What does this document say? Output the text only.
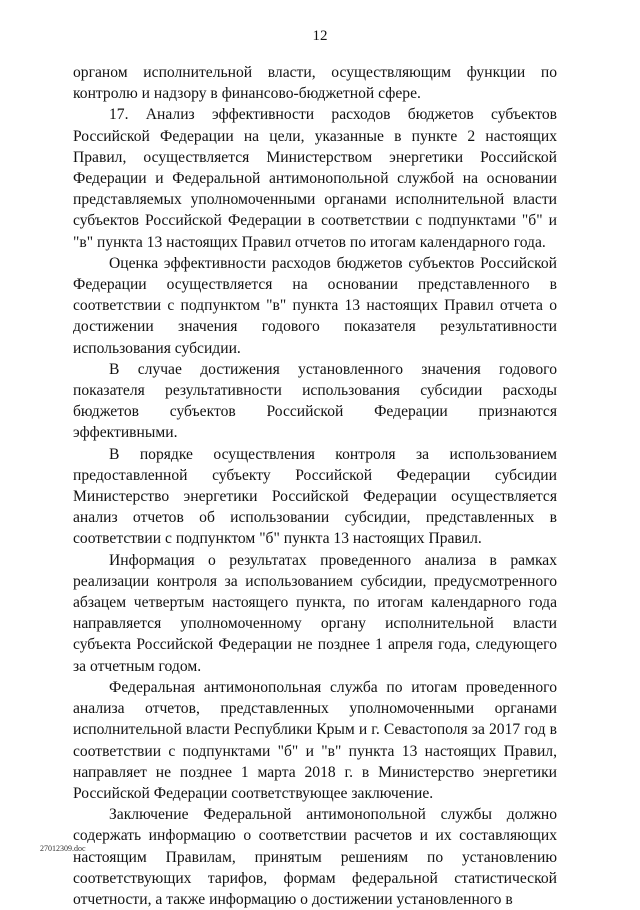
12

органом исполнительной власти, осуществляющим функции по контролю и надзору в финансово-бюджетной сфере.

17. Анализ эффективности расходов бюджетов субъектов Российской Федерации на цели, указанные в пункте 2 настоящих Правил, осуществляется Министерством энергетики Российской Федерации и Федеральной антимонопольной службой на основании представляемых уполномоченными органами исполнительной власти субъектов Российской Федерации в соответствии с подпунктами "б" и "в" пункта 13 настоящих Правил отчетов по итогам календарного года.

Оценка эффективности расходов бюджетов субъектов Российской Федерации осуществляется на основании представленного в соответствии с подпунктом "в" пункта 13 настоящих Правил отчета о достижении значения годового показателя результативности использования субсидии.

В случае достижения установленного значения годового показателя результативности использования субсидии расходы бюджетов субъектов Российской Федерации признаются эффективными.

В порядке осуществления контроля за использованием предоставленной субъекту Российской Федерации субсидии Министерство энергетики Российской Федерации осуществляется анализ отчетов об использовании субсидии, представленных в соответствии с подпунктом "б" пункта 13 настоящих Правил.

Информация о результатах проведенного анализа в рамках реализации контроля за использованием субсидии, предусмотренного абзацем четвертым настоящего пункта, по итогам календарного года направляется уполномоченному органу исполнительной власти субъекта Российской Федерации не позднее 1 апреля года, следующего за отчетным годом.

Федеральная антимонопольная служба по итогам проведенного анализа отчетов, представленных уполномоченными органами исполнительной власти Республики Крым и г. Севастополя за 2017 год в соответствии с подпунктами "б" и "в" пункта 13 настоящих Правил, направляет не позднее 1 марта 2018 г. в Министерство энергетики Российской Федерации соответствующее заключение.

Заключение Федеральной антимонопольной службы должно содержать информацию о соответствии расчетов и их составляющих настоящим Правилам, принятым решениям по установлению соответствующих тарифов, формам федеральной статистической отчетности, а также информацию о достижении установленного в

27012309.doc
